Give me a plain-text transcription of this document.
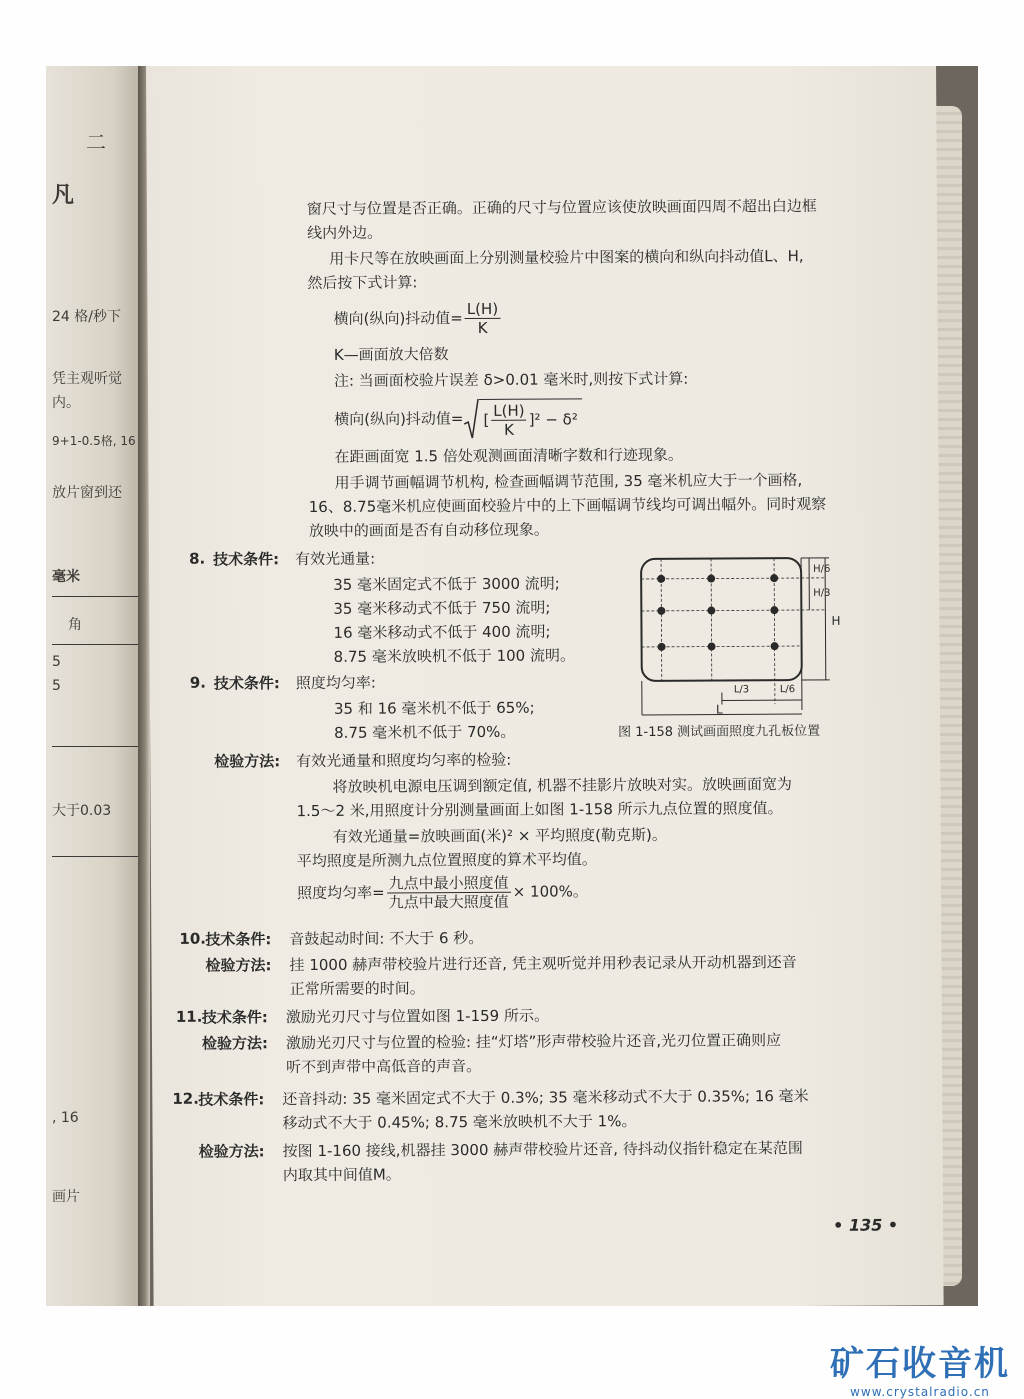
二
凡
24 格/秒下
凭主观听觉
内。
9+1-0.5格, 16
放片窗到还
毫米
角
5
5
大于0.03
, 16
画片
窗尺寸与位置是否正确。正确的尺寸与位置应该使放映画面四周不超出白边框
线内外边。
用卡尺等在放映画面上分别测量校验片中图案的横向和纵向抖动值L、H,
然后按下式计算:
横向(纵向)抖动值= $\frac{L(H)}{K}$
K—画面放大倍数
注: 当画面校验片误差 δ>0.01 毫米时,则按下式计算:
横向(纵向)抖动值= [ $\frac{L(H)}{K} ]^2 - \delta^2$
在距画面宽 1.5 倍处观测画面清晰字数和行迹现象。
用手调节画幅调节机构, 检查画幅调节范围, 35 毫米机应大于一个画格,
16、8.75毫米机应使画面校验片中的上下画幅调节线均可调出幅外。同时观察
放映中的画面是否有自动移位现象。
8. 技术条件: 有效光通量:
35 毫米固定式不低于 3000 流明;
35 毫米移动式不低于 750 流明;
16 毫米移动式不低于 400 流明;
8.75 毫米放映机不低于 100 流明。
9. 技术条件: 照度均匀率:
35 和 16 毫米机不低于 65%;
8.75 毫米机不低于 70%。
H/6
H/3
H
L/3	L/6
L
图 1-158 测试画面照度九孔板位置
检验方法: 有效光通量和照度均匀率的检验:
将放映机电源电压调到额定值, 机器不挂影片放映对实。放映画面宽为
1.5～2 米,用照度计分别测量画面上如图 1-158 所示九点位置的照度值。
有效光通量=放映画面(米)² × 平均照度(勒克斯)。
平均照度是所测九点位置照度的算术平均值。
照度均匀率= $\frac{\text{九点中最小照度值}}{\text{九点中最大照度值}} \times 100\%$。
10. 技术条件: 音鼓起动时间: 不大于 6 秒。
检验方法: 挂 1000 赫声带校验片进行还音, 凭主观听觉并用秒表记录从开动机器到还音
正常所需要的时间。
11. 技术条件: 激励光刃尺寸与位置如图 1-159 所示。
检验方法: 激励光刃尺寸与位置的检验: 挂“灯塔”形声带校验片还音,光刃位置正确则应
听不到声带中高低音的声音。
12. 技术条件: 还音抖动: 35 毫米固定式不大于 0.3%; 35 毫米移动式不大于 0.35%; 16 毫米
移动式不大于 0.45%; 8.75 毫米放映机不大于 1%。
检验方法: 按图 1-160 接线,机器挂 3000 赫声带校验片还音, 待抖动仪指针稳定在某范围
内取其中间值M。
• 135 •
矿石收音机
www.crystalradio.cn
